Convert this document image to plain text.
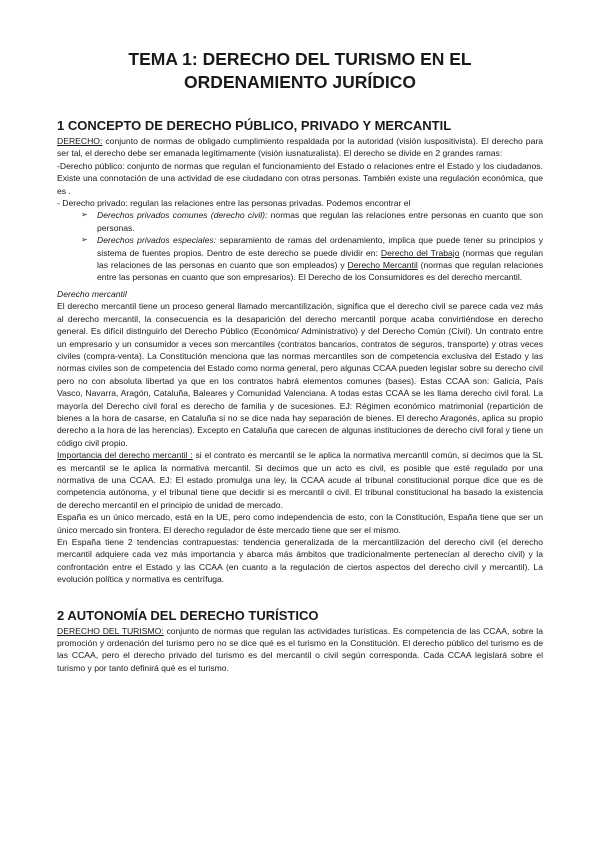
TEMA 1: DERECHO DEL TURISMO EN EL
ORDENAMIENTO JURÍDICO
1 CONCEPTO DE DERECHO PÚBLICO, PRIVADO Y MERCANTIL

DERECHO: conjunto de normas de obligado cumplimiento respaldada por la autoridad (visión iuspositivista). El derecho para ser tal, el derecho debe ser emanada legítimamente (visión iusnaturalista). El derecho se divide en 2 grandes ramas:

-Derecho público: conjunto de normas que regulan el funcionamiento del Estado o relaciones entre el Estado y los ciudadanos. Existe una connotación de una actividad de ese ciudadano con otras personas. También existe una regulación económica, que es .

- Derecho privado: regulan las relaciones entre las personas privadas. Podemos encontrar el

➢	Derechos privados comunes (derecho civil): normas que regulan las relaciones entre personas en cuanto que son personas.
➢	Derechos privados especiales: separamiento de ramas del ordenamiento, implica que puede tener su principios y sistema de fuentes propios. Dentro de este derecho se puede dividir en: Derecho del Trabajo (normas que regulan las relaciones de las personas en cuanto que son empleados) y Derecho Mercantil (normas que regulan relaciones entre las personas en cuanto que son empresarios). El Derecho de los Consumidores es del derecho mercantil.
Derecho mercantil

El derecho mercantil tiene un proceso general llamado mercantilización, significa que el derecho civil se parece cada vez más al derecho mercantil, la consecuencia es la desaparición del derecho mercantil porque acaba convirtiéndose en derecho general. Es difícil distinguirlo del Derecho Público (Económico/ Administrativo) y del Derecho Común (Civil). Un contrato entre un empresario y un consumidor a veces son mercantiles (contratos bancarios, contratos de seguros, transporte) y otras veces civiles (compra-venta). La Constitución menciona que las normas mercantiles son de competencia exclusiva del Estado y las normas civiles son de competencia del Estado como norma general, pero algunas CCAA pueden legislar sobre su derecho civil pero no con absoluta libertad ya que en los contratos habrá elementos comunes (bases). Estas CCAA son: Galicia, País Vasco, Navarra, Aragón, Cataluña, Baleares y Comunidad Valenciana. A todas estas CCAA se les llama derecho civil foral. La mayoría del Derecho civil foral es derecho de familia y de sucesiones. EJ: Régimen económico matrimonial (repartición de bienes a la hora de casarse, en Cataluña si no se dice nada hay separación de bienes. El derecho Aragonés, aplica su propio derecho a la hora de las herencias). Excepto en Cataluña que carecen de algunas instituciones de derecho civil foral y tiene un código civil propio.

Importancia del derecho mercantil : si el contrato es mercantil se le aplica la normativa mercantil común, si decimos que la SL es mercantil se le aplica la normativa mercantil. Si decimos que un acto es civil, es posible que esté regulado por una normativa de una CCAA. EJ: El estado promulga una ley, la CCAA acude al tribunal constitucional porque dice que es de competencia autónoma, y el tribunal tiene que decidir si es mercantil o civil. El tribunal constitucional ha basado la existencia de derecho mercantil en el principio de unidad de mercado.

España es un único mercado, está en la UE, pero como independencia de esto, con la Constitución, España tiene que ser un único mercado sin frontera. El derecho regulador de éste mercado tiene que ser el mismo.

En España tiene 2 tendencias contrapuestas: tendencia generalizada de la mercantilización del derecho civil (el derecho mercantil adquiere cada vez más importancia y abarca más ámbitos que tradicionalmente pertenecían al derecho civil) y la confrontación entre el Estado y las CCAA (en cuanto a la regulación de ciertos aspectos del derecho civil y mercantil). La evolución política y normativa es centrífuga.

2 AUTONOMÍA DEL DERECHO TURÍSTICO

DERECHO DEL TURISMO: conjunto de normas que regulan las actividades turísticas. Es competencia de las CCAA, sobre la promoción y ordenación del turismo pero no se dice qué es el turismo en la Constitución. El derecho público del turismo es de las CCAA, pero el derecho privado del turismo es del mercantil o civil según corresponda. Cada CCAA legislará sobre el turismo y por tanto definirá qué es el turismo.
